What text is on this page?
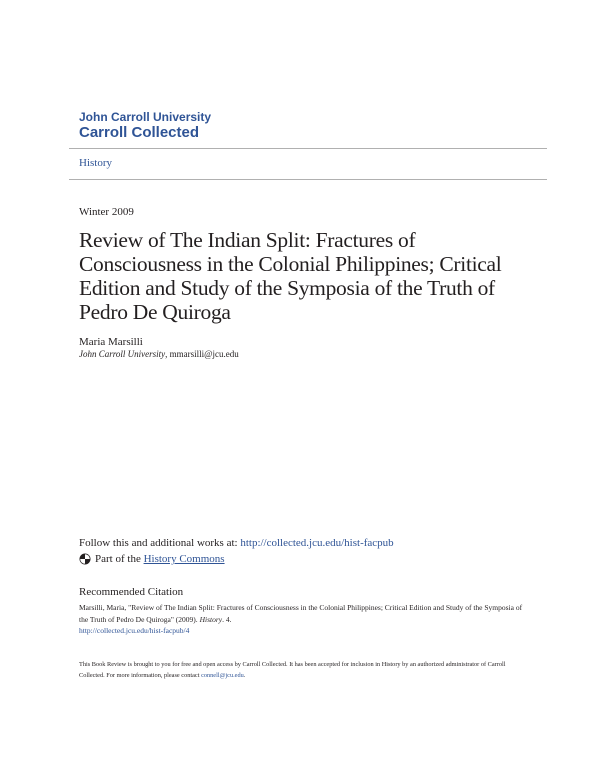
John Carroll University
Carroll Collected
History
Winter 2009
Review of The Indian Split: Fractures of Consciousness in the Colonial Philippines; Critical Edition and Study of the Symposia of the Truth of Pedro De Quiroga
Maria Marsilli
John Carroll University, mmarsilli@jcu.edu
Follow this and additional works at: http://collected.jcu.edu/hist-facpub
Part of the
History Commons
Recommended Citation
Marsilli, Maria, "Review of The Indian Split: Fractures of Consciousness in the Colonial Philippines; Critical Edition and Study of the Symposia of the Truth of Pedro De Quiroga" (2009). History. 4.
http://collected.jcu.edu/hist-facpub/4
This Book Review is brought to you for free and open access by Carroll Collected. It has been accepted for inclusion in History by an authorized administrator of Carroll Collected. For more information, please contact connell@jcu.edu.
